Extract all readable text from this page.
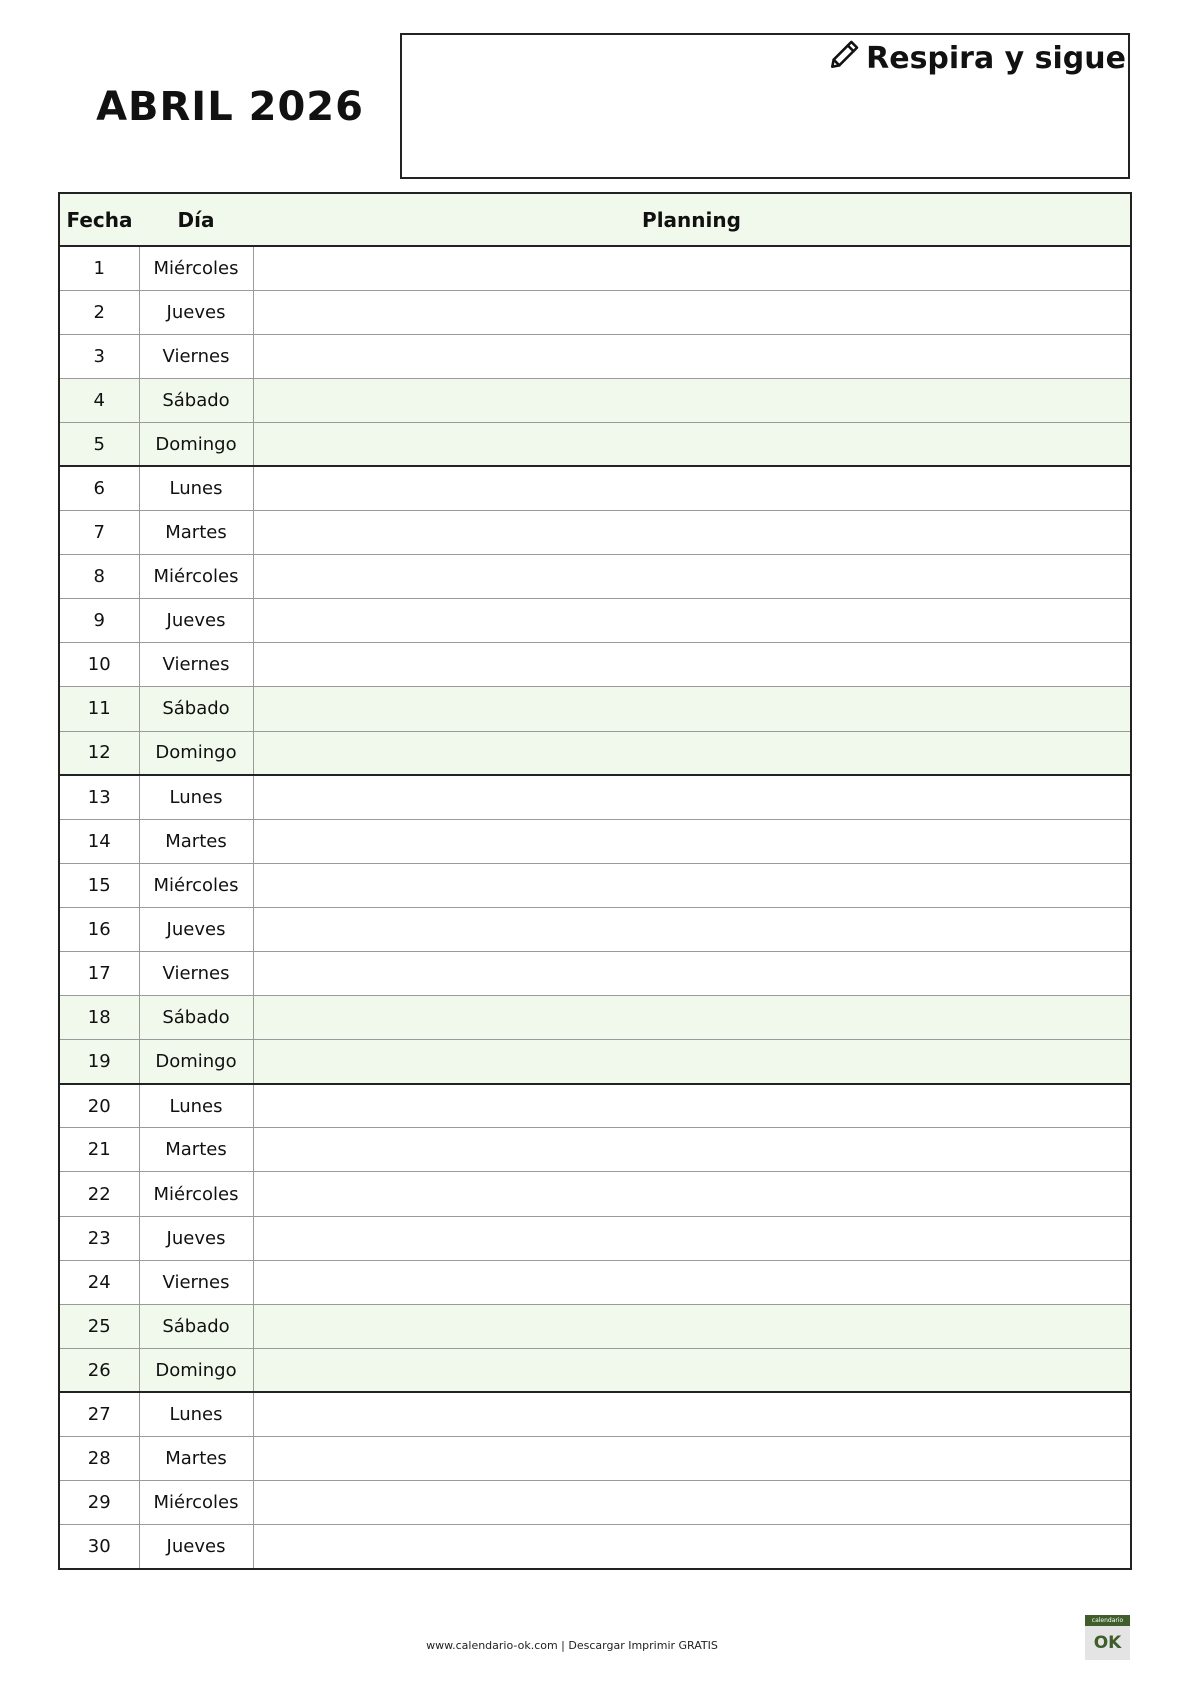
ABRIL 2026
Respira y sigue
Fecha	Día	Planning
1	Miércoles	
2	Jueves	
3	Viernes	
4	Sábado	
5	Domingo	
6	Lunes	
7	Martes	
8	Miércoles	
9	Jueves	
10	Viernes	
11	Sábado	
12	Domingo	
13	Lunes	
14	Martes	
15	Miércoles	
16	Jueves	
17	Viernes	
18	Sábado	
19	Domingo	
20	Lunes	
21	Martes	
22	Miércoles	
23	Jueves	
24	Viernes	
25	Sábado	
26	Domingo	
27	Lunes	
28	Martes	
29	Miércoles	
30	Jueves	
www.calendario-ok.com | Descargar Imprimir GRATIS
calendario
OK
